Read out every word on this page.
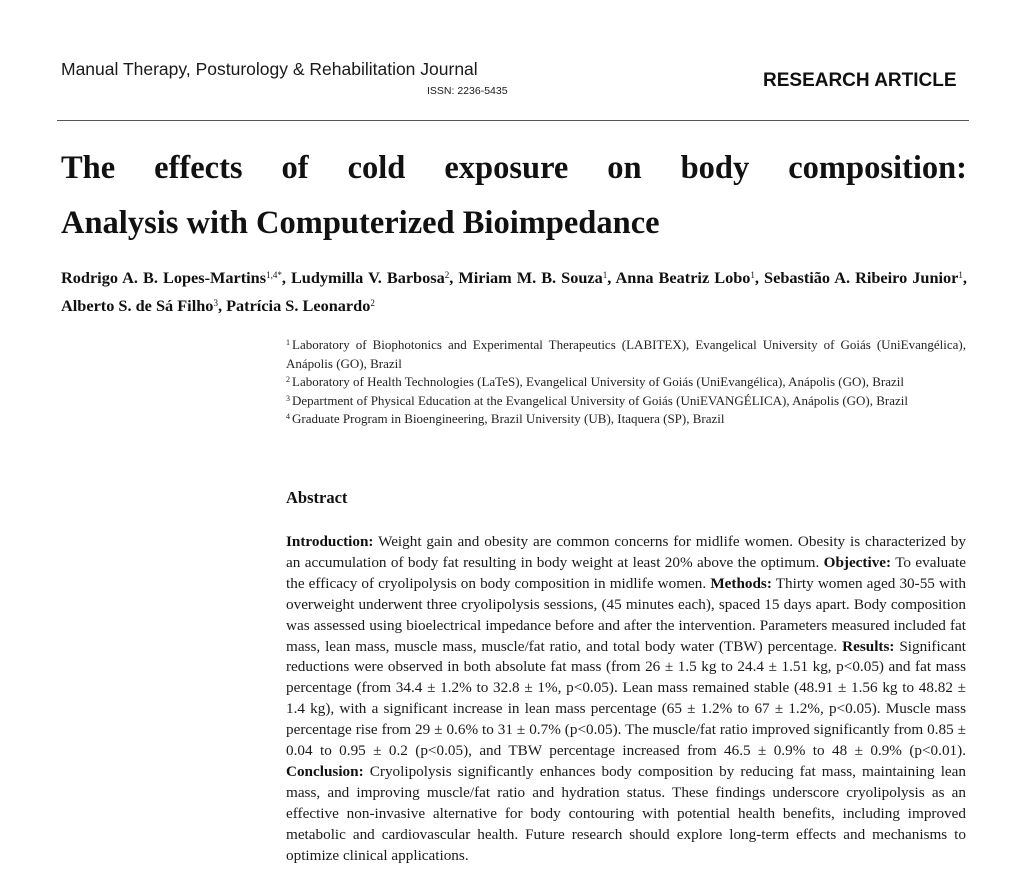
Manual Therapy, Posturology & Rehabilitation Journal
ISSN: 2236-5435	RESEARCH ARTICLE
The effects of cold exposure on body composition:
Analysis with Computerized Bioimpedance
Rodrigo A. B. Lopes-Martins$^{1,4*}$, Ludymilla V. Barbosa$^2$, Miriam M. B. Souza$^1$, Anna Beatriz Lobo$^1$, Sebastião A. Ribeiro Junior$^1$, Alberto S. de Sá Filho$^3$, Patrícia S. Leonardo$^2$
$^1$ Laboratory of Biophotonics and Experimental Therapeutics (LABITEX), Evangelical University of Goiás (UniEvangélica), Anápolis (GO), Brazil
$^2$ Laboratory of Health Technologies (LaTeS), Evangelical University of Goiás (UniEvangélica), Anápolis (GO), Brazil
$^3$ Department of Physical Education at the Evangelical University of Goiás (UniEVANGÉLICA), Anápolis (GO), Brazil
$^4$ Graduate Program in Bioengineering, Brazil University (UB), Itaquera (SP), Brazil
Abstract
Introduction: Weight gain and obesity are common concerns for midlife women. Obesity is characterized by an accumulation of body fat resulting in body weight at least 20% above the optimum. Objective: To evaluate the efficacy of cryolipolysis on body composition in midlife women. Methods: Thirty women aged 30-55 with overweight underwent three cryolipolysis sessions, (45 minutes each), spaced 15 days apart. Body composition was assessed using bioelectrical impedance before and after the intervention. Parameters measured included fat mass, lean mass, muscle mass, muscle/fat ratio, and total body water (TBW) percentage. Results: Significant reductions were observed in both absolute fat mass (from 26 ± 1.5 kg to 24.4 ± 1.51 kg, p<0.05) and fat mass percentage (from 34.4 ± 1.2% to 32.8 ± 1%, p<0.05). Lean mass remained stable (48.91 ± 1.56 kg to 48.82 ± 1.4 kg), with a significant increase in lean mass percentage (65 ± 1.2% to 67 ± 1.2%, p<0.05). Muscle mass percentage rise from 29 ± 0.6% to 31 ± 0.7% (p<0.05). The muscle/fat ratio improved significantly from 0.85 ± 0.04 to 0.95 ± 0.2 (p<0.05), and TBW percentage increased from 46.5 ± 0.9% to 48 ± 0.9% (p<0.01). Conclusion: Cryolipolysis significantly enhances body composition by reducing fat mass, maintaining lean mass, and improving muscle/fat ratio and hydration status. These findings underscore cryolipolysis as an effective non-invasive alternative for body contouring with potential health benefits, including improved metabolic and cardiovascular health. Future research should explore long-term effects and mechanisms to optimize clinical applications.
